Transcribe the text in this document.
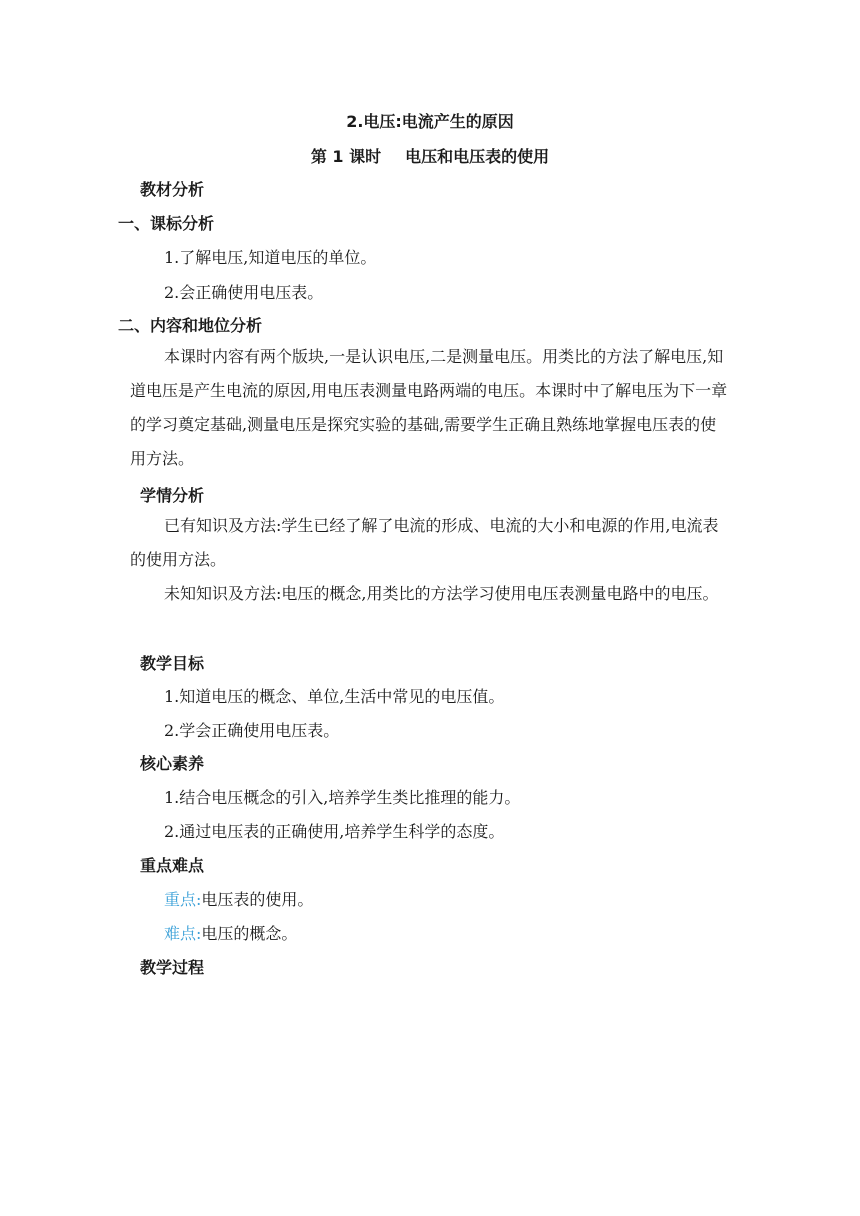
2.电压:电流产生的原因
第 1 课时 电压和电压表的使用
教材分析
一、课标分析
1.了解电压,知道电压的单位。
2.会正确使用电压表。
二、内容和地位分析
本课时内容有两个版块,一是认识电压,二是测量电压。用类比的方法了解电压,知道电压是产生电流的原因,用电压表测量电路两端的电压。本课时中了解电压为下一章的学习奠定基础,测量电压是探究实验的基础,需要学生正确且熟练地掌握电压表的使用方法。
学情分析
已有知识及方法:学生已经了解了电流的形成、电流的大小和电源的作用,电流表的使用方法。
未知知识及方法:电压的概念,用类比的方法学习使用电压表测量电路中的电压。
教学目标
1.知道电压的概念、单位,生活中常见的电压值。
2.学会正确使用电压表。
核心素养
1.结合电压概念的引入,培养学生类比推理的能力。
2.通过电压表的正确使用,培养学生科学的态度。
重点难点
重点:电压表的使用。
难点:电压的概念。
教学过程
